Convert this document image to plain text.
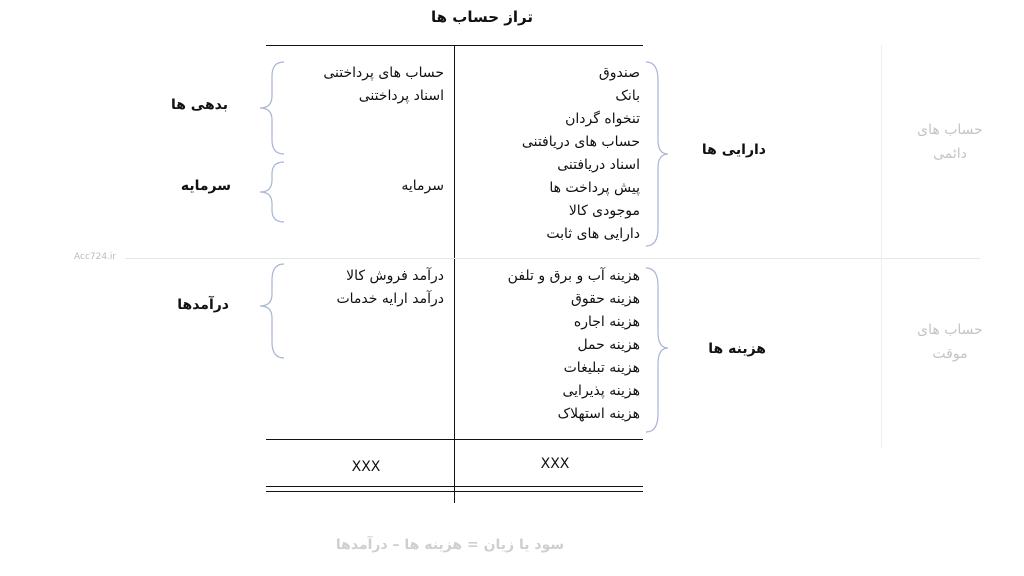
تراز حساب ها
Acc724.ir
صندوق
بانک
تنخواه گردان
حساب های دریافتنی
اسناد دریافتنی
پیش پرداخت ها
موجودی کالا
دارایی های ثابت
دارایی ها
حساب های پرداختنی
اسناد پرداختنی
بدهی ها
سرمایه
سرمایه
هزینه آب و برق و تلفن
هزینه حقوق
هزینه اجاره
هزینه حمل
هزینه تبلیغات
هزینه پذیرایی
هزینه استهلاک
هزینه ها
درآمد فروش کالا
درآمد ارایه خدمات
درآمدها
حساب های
دائمی
حساب های
موقت
XXX
XXX
سود یا زیان = هزینه ها – درآمدها
